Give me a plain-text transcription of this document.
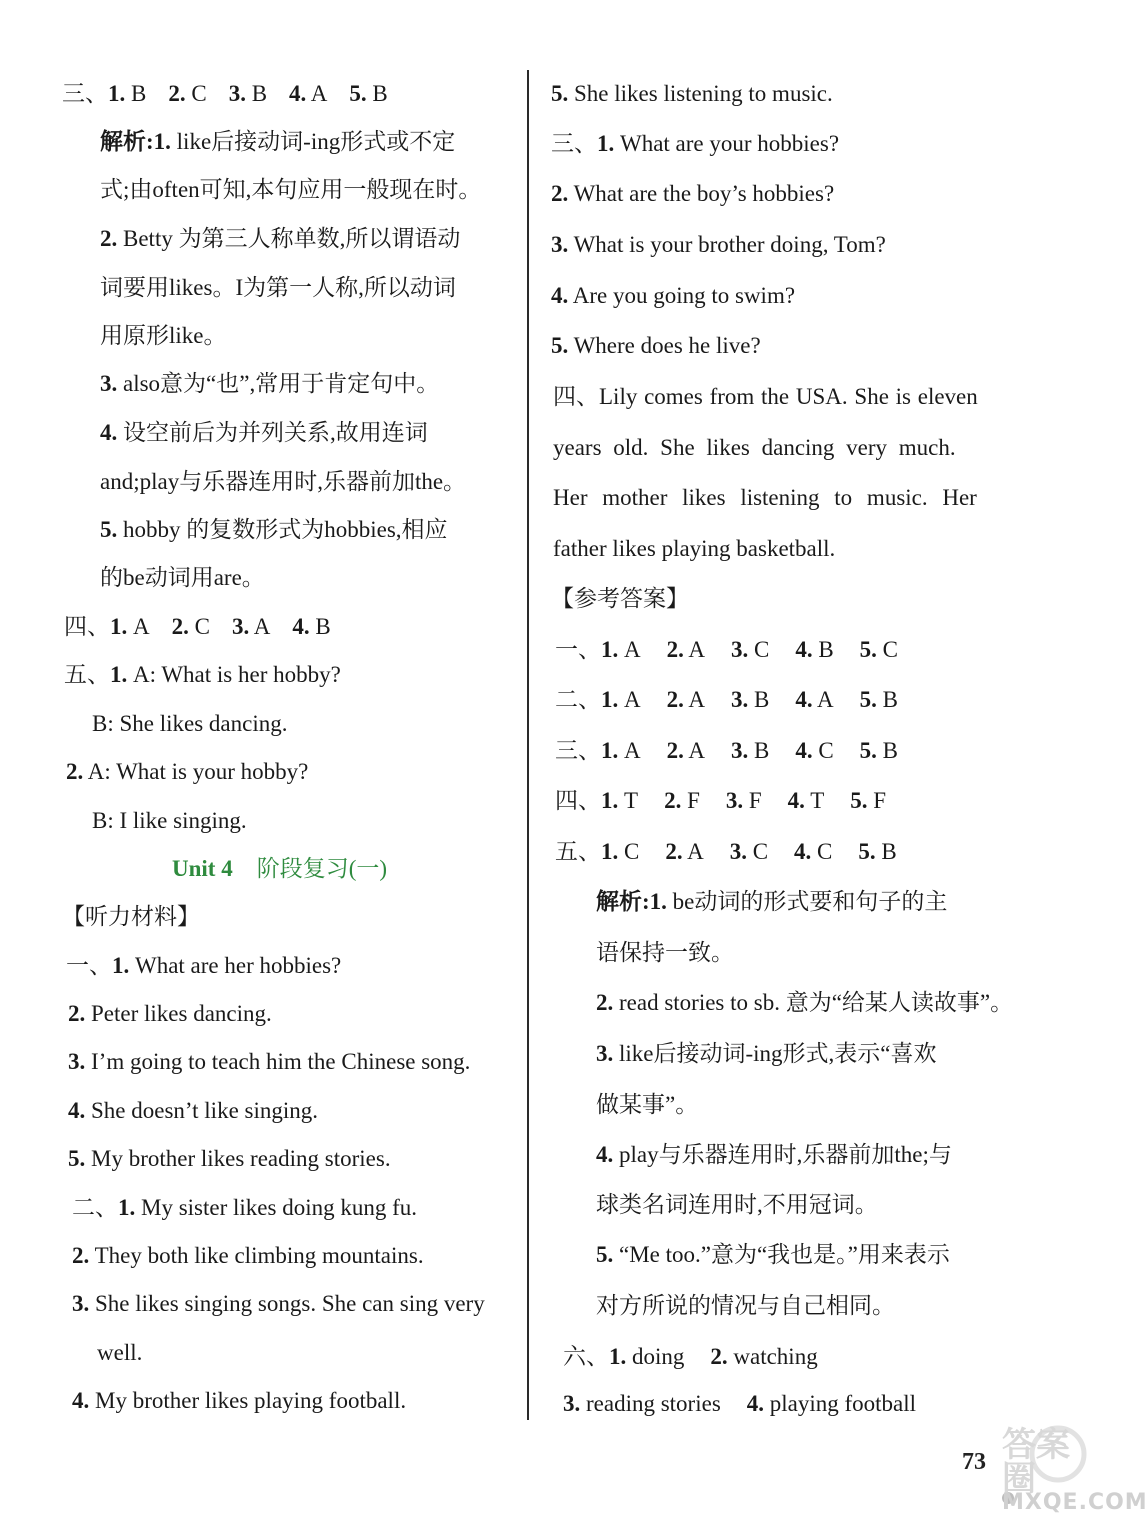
三、1. B 2. C 3. B 4. A 5. B
解析:1. like后接动词-ing形式或不定
式;由often可知,本句应用一般现在时。
2. Betty 为第三人称单数,所以谓语动
词要用likes。I为第一人称,所以动词
用原形like。
3. also意为“也”,常用于肯定句中。
4. 设空前后为并列关系,故用连词
and;play与乐器连用时,乐器前加the。
5. hobby 的复数形式为hobbies,相应
的be动词用are。
四、1. A 2. C 3. A 4. B
五、1. A: What is her hobby?
B: She likes dancing.
2. A: What is your hobby?
B: I like singing.
Unit 4 阶段复习(一)
【听力材料】
一、1. What are her hobbies?
2. Peter likes dancing.
3. I’m going to teach him the Chinese song.
4. She doesn’t like singing.
5. My brother likes reading stories.
二、1. My sister likes doing kung fu.
2. They both like climbing mountains.
3. She likes singing songs. She can sing very
well.
4. My brother likes playing football.
5. She likes listening to music.
三、1. What are your hobbies?
2. What are the boy’s hobbies?
3. What is your brother doing, Tom?
4. Are you going to swim?
5. Where does he live?
四、Lily comes from the USA. She is eleven
years old. She likes dancing very much.
Her mother likes listening to music. Her
father likes playing basketball.
【参考答案】
一、1. A 2. A 3. C 4. B 5. C
二、1. A 2. A 3. B 4. A 5. B
三、1. A 2. A 3. B 4. C 5. B
四、1. T 2. F 3. F 4. T 5. F
五、1. C 2. A 3. C 4. C 5. B
解析:1. be动词的形式要和句子的主
语保持一致。
2. read stories to sb. 意为“给某人读故事”。
3. like后接动词-ing形式,表示“喜欢
做某事”。
4. play与乐器连用时,乐器前加the;与
球类名词连用时,不用冠词。
5. “Me too.”意为“我也是。”用来表示
对方所说的情况与自己相同。
六、1. doing 2. watching
3. reading stories 4. playing football
73 答案圈
MXQE.COM
